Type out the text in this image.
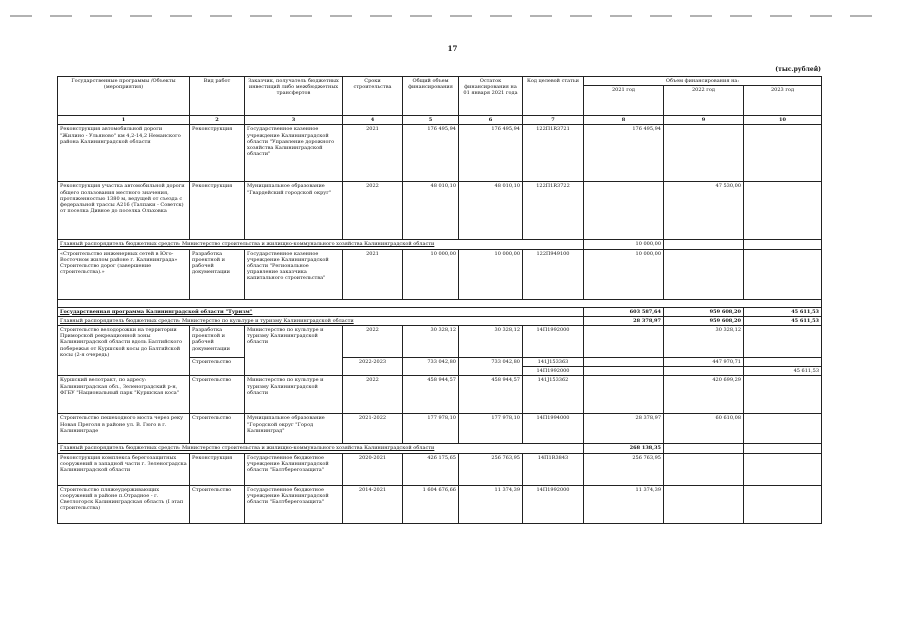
17
(тыс.рублей)
Государственные программы /Объекты (мероприятия)	Вид работ	Заказчик, получатель бюджетных инвестиций либо межбюджетных трансфертов	Сроки строительства	Общий объем финансирования	Остаток финансирования на 01 января 2021 года	Код целевой статьи	Объем финансирования на:		
							2021 год	2022 год	2023 год
1	2	3	4	5	6	7	8	9	10
Реконструкция автомобильной дороги "Жилино - Ульяново" км 4,2-14,2 Неманского района Калининградской области	Реконструкция	Государственное казенное учреждение Калининградской области "Управление дорожного хозяйства Калининградской области"	2021	176 495,94	176 495,94	122П1R3721	176 495,94		
Реконструкция участка автомобильной дороги общего пользования местного значения, протяженностью 1380 м, ведущей от съезда с федеральной трассы А216 (Талпаки - Советск) от поселка Дивное до поселка Ольховка	Реконструкция	Муниципальное образование "Гвардейский городской округ"	2022	48 010,10	48 010,10	122П1R3722		47 530,00	
Главный распорядитель бюджетных средств: Министерство строительства и жилищно-коммунального хозяйства Калининградской области							10 000,00		
«Строительство инженерных сетей в Юго-Восточном жилом районе г. Калининграда» Строительство дорог (завершение строительства).»	Разработка проектной и рабочей документации	Государственное казенное учреждение Калининградской области "Региональное управление заказчика капитального строительства"	2021	10 000,00	10 000,00	122П949100	10 000,00		

Государственная программа Калининградской области "Туризм"							603 587,64	959 608,20	45 611,53
Главный распорядитель бюджетных средств: Министерство по культуре и туризму Калининградской области							28 378,97	959 608,20	45 611,53
Строительство велодорожки на территории Приморской рекреационной зоны Калининградской области вдоль Балтийского побережья от Куршской косы до Балтийской косы (2-я очередь)	Разработка проектной и рабочей документации	Министерство по культуре и туризму Калининградской области	2022	30 328,12	30 328,12	14П1992000		30 328,12	
	Строительство		2022-2023	733 042,80	733 042,80	141J153363		447 970,71	
						14П1992000			45 611,53
Куршский велотракт, по адресу: Калининградская обл., Зеленоградский р-н, ФГБУ "Национальный парк "Куршская коса"	Строительство	Министерство по культуре и туризму Калининградской области	2022	458 944,57	458 944,57	141J153362		420 699,29	
Строительство пешеходного моста через реку Новая Преголя в районе ул. В. Гюго в г. Калининграде	Строительство	Муниципальное образование "Городской округ "Город Калининград"	2021-2022	177 978,10	177 978,10	14П1994000	28 378,97	60 610,08	
Главный распорядитель бюджетных средств: Министерство строительства и жилищно-коммунального хозяйства Калининградской области							268 138,35		
Реконструкция комплекса берегозащитных сооружений в западной части г. Зеленоградска Калининградской области	Реконструкция	Государственное бюджетное учреждение Калининградской области "Балтберегозащита"	2020-2021	426 175,65	256 763,95	14П1R3843	256 763,95		
Строительство пляжеудерживающих сооружений в районе п.Отрадное - г. Светлогорск Калининградская область (I этап строительства)	Строительство	Государственное бюджетное учреждение Калининградской области "Балтберегозащита"	2014-2021	1 604 676,66	11 374,39	14П1992000	11 374,39		
